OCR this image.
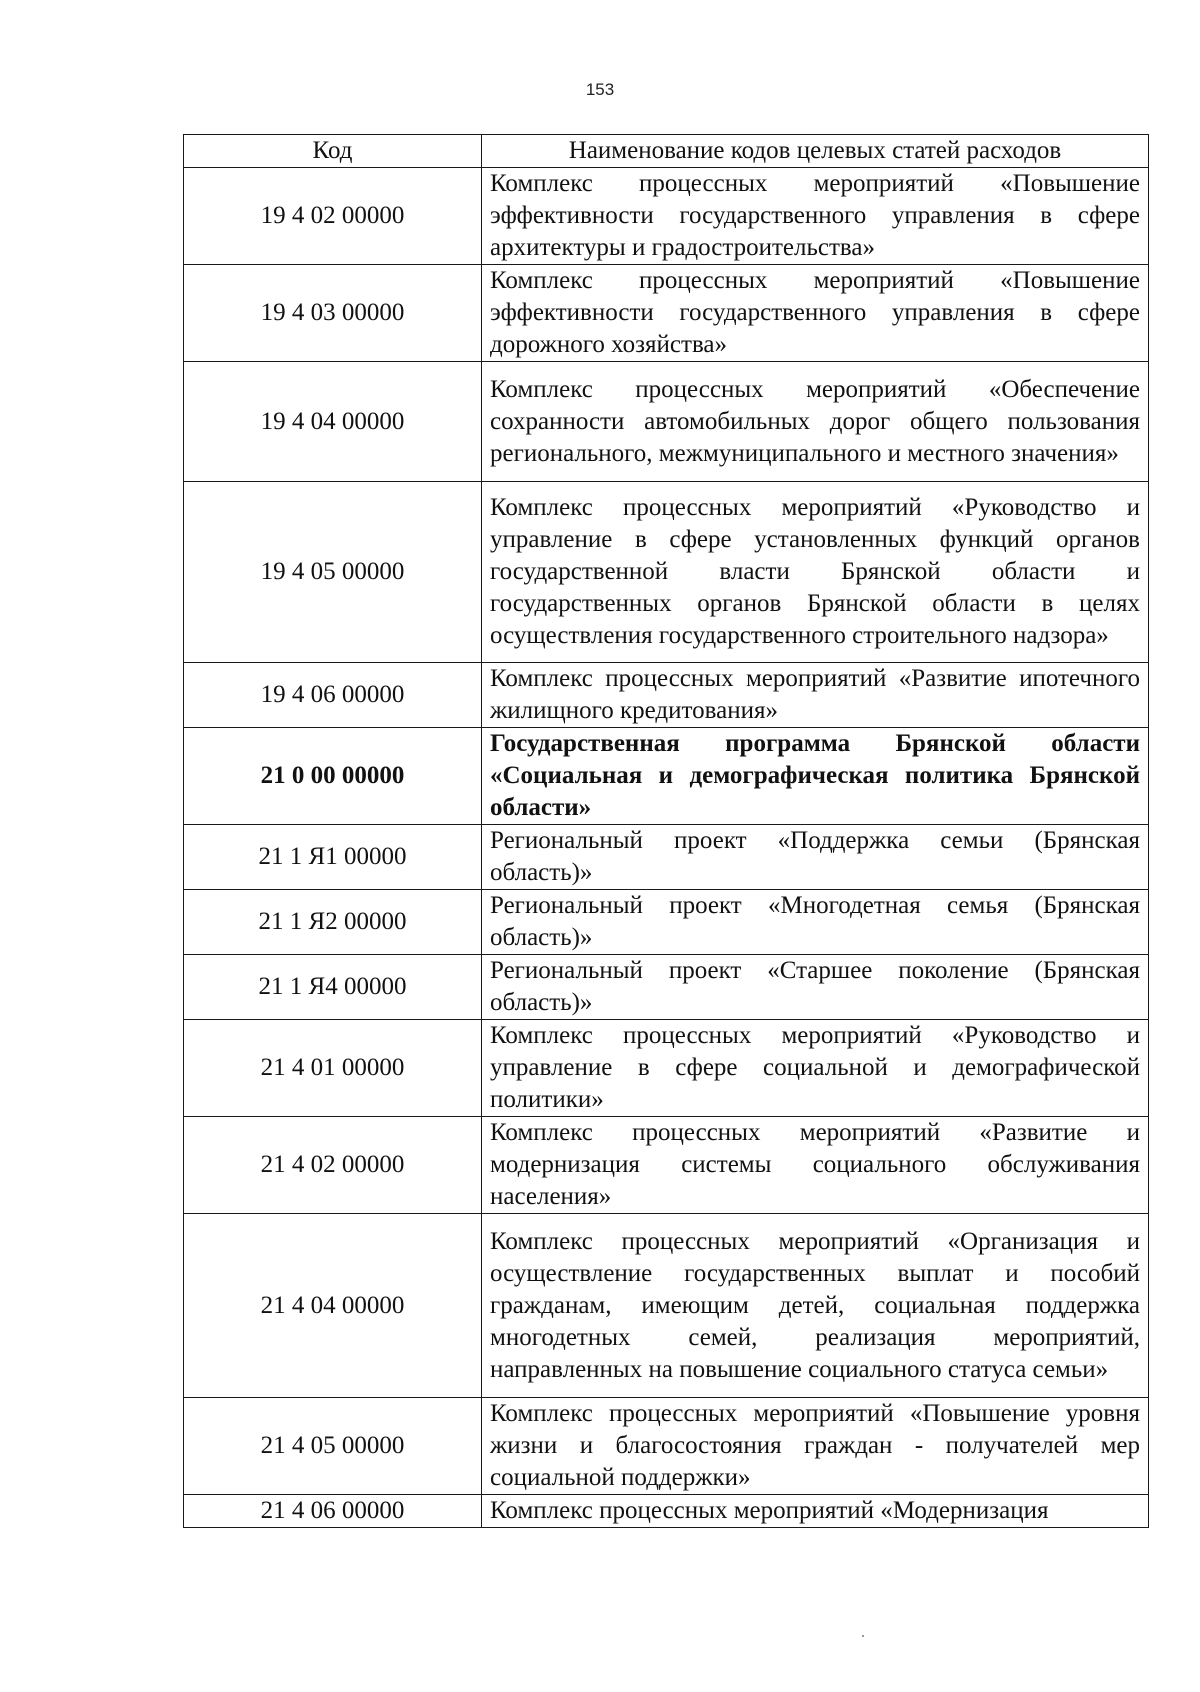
153
Код	Наименование кодов целевых статей расходов
19 4 02 00000	Комплекс процессных мероприятий «Повышение эффективности государственного управления в сфере архитектуры и градостроительства»
19 4 03 00000	Комплекс процессных мероприятий «Повышение эффективности государственного управления в сфере дорожного хозяйства»
19 4 04 00000	Комплекс процессных мероприятий «Обеспечение сохранности автомобильных дорог общего пользования регионального, межмуниципального и местного значения»
19 4 05 00000	Комплекс процессных мероприятий «Руководство и управление в сфере установленных функций органов государственной власти Брянской области и государственных органов Брянской области в целях осуществления государственного строительного надзора»
19 4 06 00000	Комплекс процессных мероприятий «Развитие ипотечного жилищного кредитования»
21 0 00 00000	Государственная программа Брянской области «Социальная и демографическая политика Брянской области»
21 1 Я1 00000	Региональный проект «Поддержка семьи (Брянская область)»
21 1 Я2 00000	Региональный проект «Многодетная семья (Брянская область)»
21 1 Я4 00000	Региональный проект «Старшее поколение (Брянская область)»
21 4 01 00000	Комплекс процессных мероприятий «Руководство и управление в сфере социальной и демографической политики»
21 4 02 00000	Комплекс процессных мероприятий «Развитие и модернизация системы социального обслуживания населения»
21 4 04 00000	Комплекс процессных мероприятий «Организация и осуществление государственных выплат и пособий гражданам, имеющим детей, социальная поддержка многодетных семей, реализация мероприятий, направленных на повышение социального статуса семьи»
21 4 05 00000	Комплекс процессных мероприятий «Повышение уровня жизни и благосостояния граждан - получателей мер социальной поддержки»
21 4 06 00000	Комплекс процессных мероприятий «Модернизация
